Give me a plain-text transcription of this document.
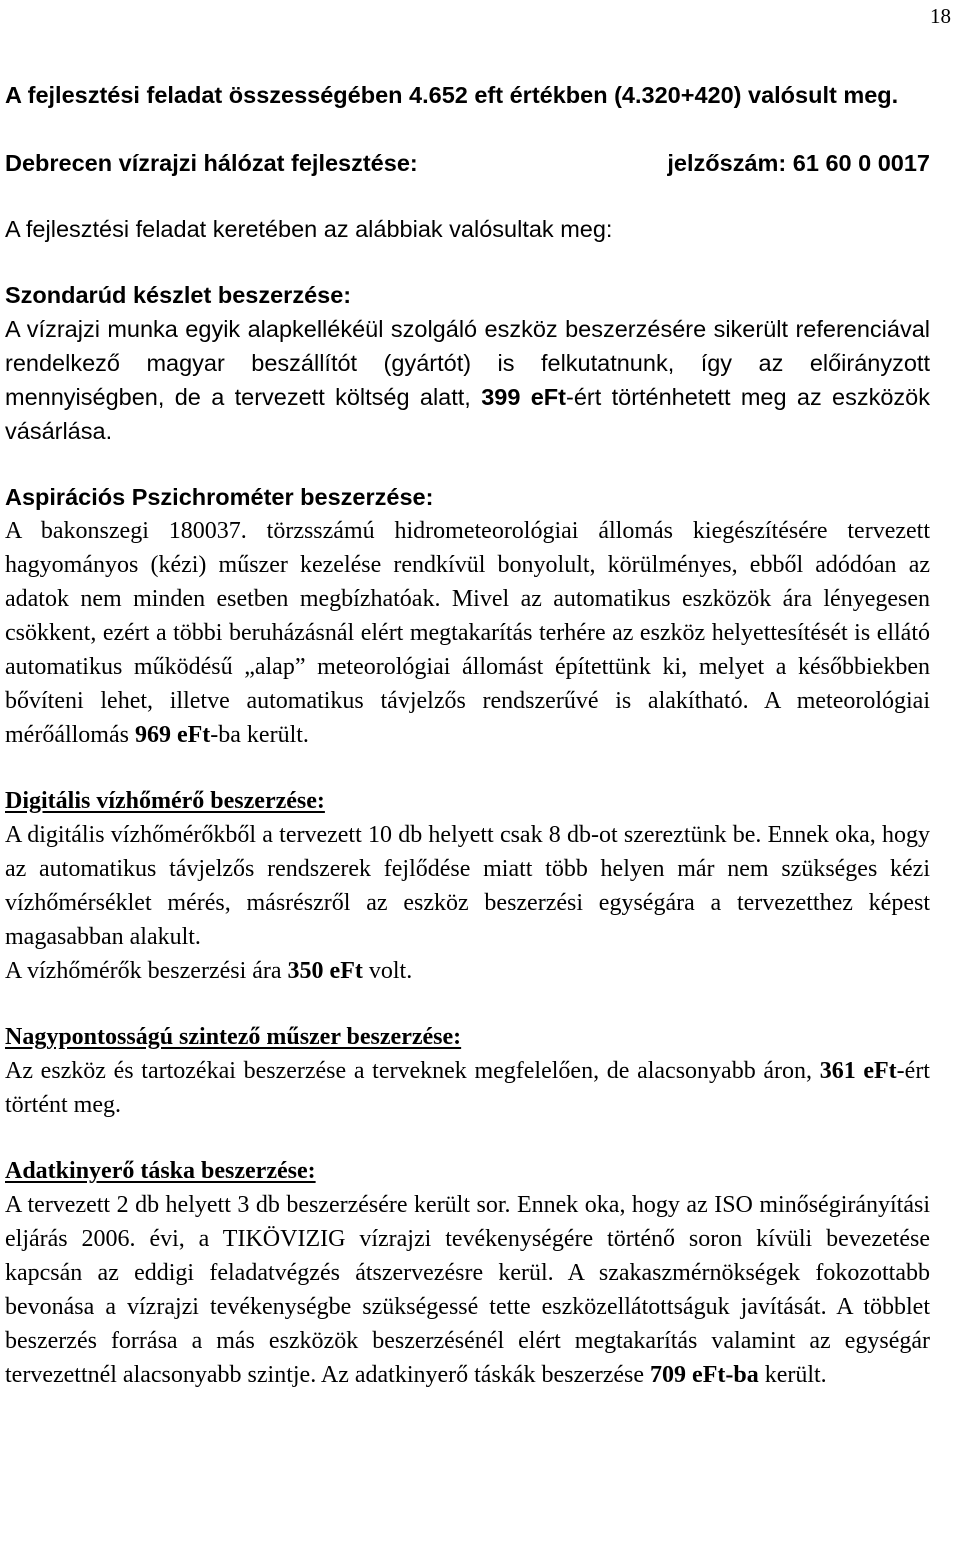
18

A fejlesztési feladat összességében 4.652 eft értékben (4.320+420) valósult meg.

Debrecen vízrajzi hálózat fejlesztése:	jelzőszám: 61 60 0 0017

A fejlesztési feladat keretében az alábbiak valósultak meg:

Szondarúd készlet beszerzése:

A vízrajzi munka egyik alapkellékéül szolgáló eszköz beszerzésére sikerült referenciával rendelkező magyar beszállítót (gyártót) is felkutatnunk, így az előirányzott mennyiségben, de a tervezett költség alatt, 399 eFt-ért történhetett meg az eszközök vásárlása.

Aspirációs Pszichrométer beszerzése:

A bakonszegi 180037. törzsszámú hidrometeorológiai állomás kiegészítésére tervezett hagyományos (kézi) műszer kezelése rendkívül bonyolult, körülményes, ebből adódóan az adatok nem minden esetben megbízhatóak. Mivel az automatikus eszközök ára lényegesen csökkent, ezért a többi beruházásnál elért megtakarítás terhére az eszköz helyettesítését is ellátó automatikus működésű „alap” meteorológiai állomást építettünk ki, melyet a későbbiekben bővíteni lehet, illetve automatikus távjelzős rendszerűvé is alakítható. A meteorológiai mérőállomás 969 eFt-ba került.

Digitális vízhőmérő beszerzése:

A digitális vízhőmérőkből a tervezett 10 db helyett csak 8 db-ot szereztünk be. Ennek oka, hogy az automatikus távjelzős rendszerek fejlődése miatt több helyen már nem szükséges kézi vízhőmérséklet mérés, másrészről az eszköz beszerzési egységára a tervezetthez képest magasabban alakult.

A vízhőmérők beszerzési ára 350 eFt volt.

Nagypontosságú szintező műszer beszerzése:

Az eszköz és tartozékai beszerzése a terveknek megfelelően, de alacsonyabb áron, 361 eFt-ért történt meg.

Adatkinyerő táska beszerzése:

A tervezett 2 db helyett 3 db beszerzésére került sor. Ennek oka, hogy az ISO minőségirányítási eljárás 2006. évi, a TIKÖVIZIG vízrajzi tevékenységére történő soron kívüli bevezetése kapcsán az eddigi feladatvégzés átszervezésre kerül. A szakaszmérnökségek fokozottabb bevonása a vízrajzi tevékenységbe szükségessé tette eszközellátottságuk javítását. A többlet beszerzés forrása a más eszközök beszerzésénél elért megtakarítás valamint az egységár tervezettnél alacsonyabb szintje. Az adatkinyerő táskák beszerzése 709 eFt-ba került.
